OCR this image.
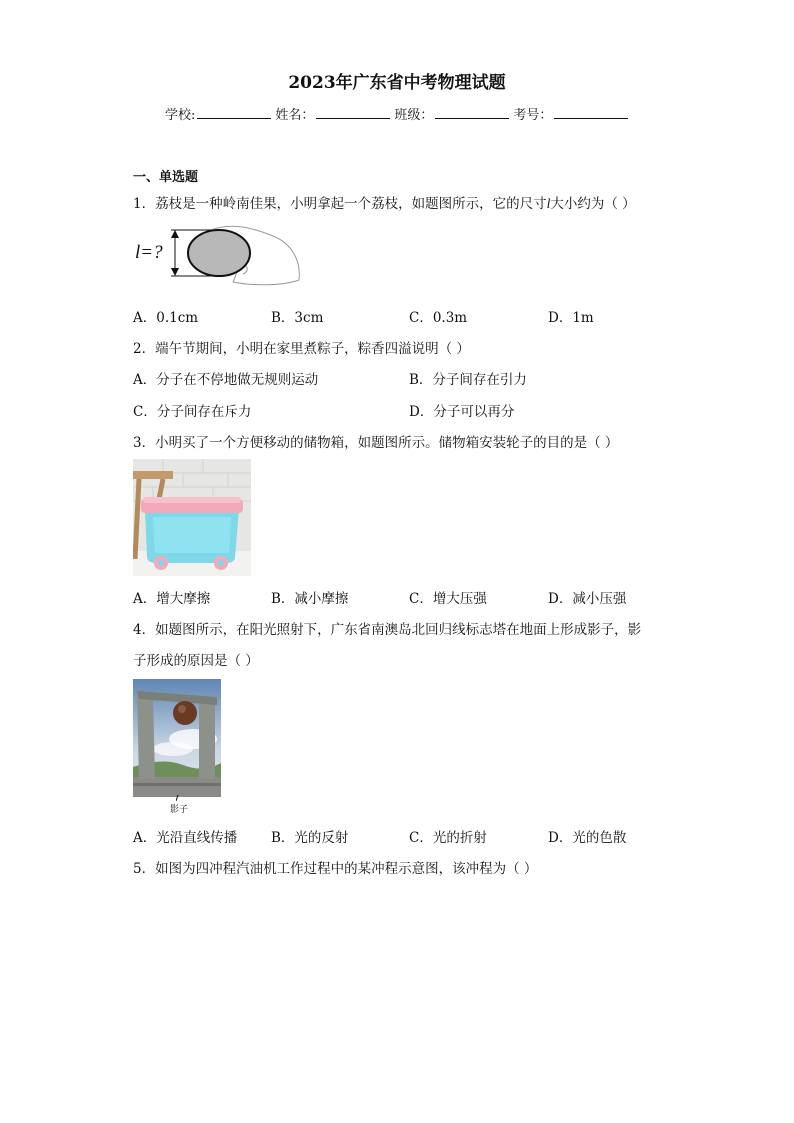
2023年广东省中考物理试题
学校:	姓名：	班级：	考号：
一、单选题
1．荔枝是一种岭南佳果，小明拿起一个荔枝，如题图所示，它的尺寸l大小约为（ ）
l=?
A．0.1cm	B．3cm	C．0.3m	D．1m
2．端午节期间，小明在家里煮粽子，粽香四溢说明（ ）
A．分子在不停地做无规则运动	B．分子间存在引力
C．分子间存在斥力	D．分子可以再分
3．小明买了一个方便移动的储物箱，如题图所示。储物箱安装轮子的目的是（ ）
A．增大摩擦	B．减小摩擦	C．增大压强	D．减小压强
4．如题图所示，在阳光照射下，广东省南澳岛北回归线标志塔在地面上形成影子，影
子形成的原因是（ ）
影子
A．光沿直线传播	B．光的反射	C．光的折射	D．光的色散
5．如图为四冲程汽油机工作过程中的某冲程示意图，该冲程为（ ）
